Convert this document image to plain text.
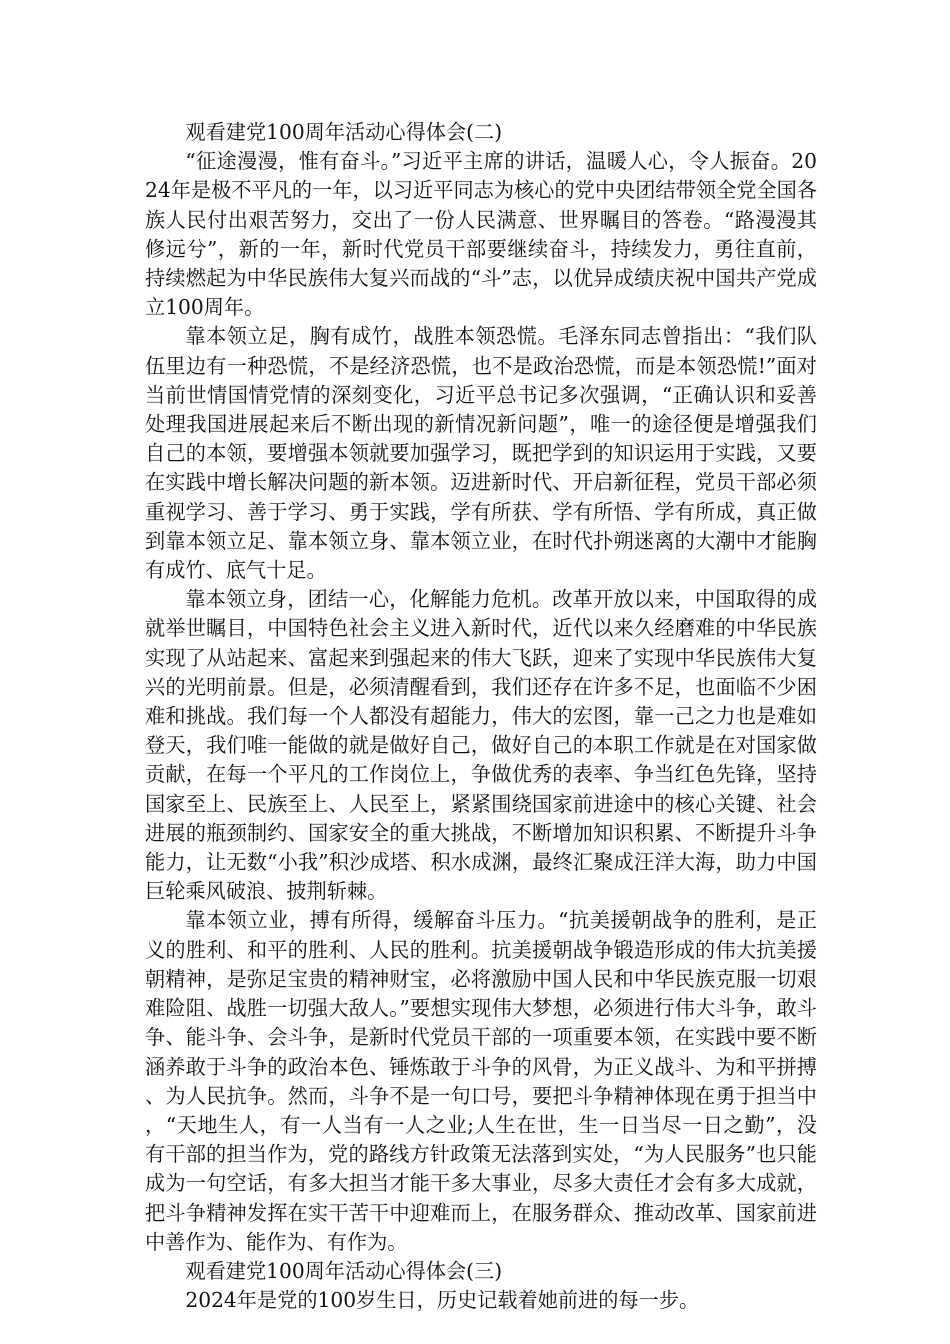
观看建党100周年活动心得体会(二)

“征途漫漫，惟有奋斗。”习近平主席的讲话，温暖人心，令人振奋。2024年是极不平凡的一年，以习近平同志为核心的党中央团结带领全党全国各族人民付出艰苦努力，交出了一份人民满意、世界瞩目的答卷。“路漫漫其修远兮”，新的一年，新时代党员干部要继续奋斗，持续发力，勇往直前，持续燃起为中华民族伟大复兴而战的“斗”志，以优异成绩庆祝中国共产党成立100周年。

靠本领立足，胸有成竹，战胜本领恐慌。毛泽东同志曾指出：“我们队伍里边有一种恐慌，不是经济恐慌，也不是政治恐慌，而是本领恐慌!”面对当前世情国情党情的深刻变化，习近平总书记多次强调，“正确认识和妥善处理我国进展起来后不断出现的新情况新问题”，唯一的途径便是增强我们自己的本领，要增强本领就要加强学习，既把学到的知识运用于实践，又要在实践中增长解决问题的新本领。迈进新时代、开启新征程，党员干部必须重视学习、善于学习、勇于实践，学有所获、学有所悟、学有所成，真正做到靠本领立足、靠本领立身、靠本领立业，在时代扑朔迷离的大潮中才能胸有成竹、底气十足。

靠本领立身，团结一心，化解能力危机。改革开放以来，中国取得的成就举世瞩目，中国特色社会主义进入新时代，近代以来久经磨难的中华民族实现了从站起来、富起来到强起来的伟大飞跃，迎来了实现中华民族伟大复兴的光明前景。但是，必须清醒看到，我们还存在许多不足，也面临不少困难和挑战。我们每一个人都没有超能力，伟大的宏图，靠一己之力也是难如登天，我们唯一能做的就是做好自己，做好自己的本职工作就是在对国家做贡献，在每一个平凡的工作岗位上，争做优秀的表率、争当红色先锋，坚持国家至上、民族至上、人民至上，紧紧围绕国家前进途中的核心关键、社会进展的瓶颈制约、国家安全的重大挑战，不断增加知识积累、不断提升斗争能力，让无数“小我”积沙成塔、积水成渊，最终汇聚成汪洋大海，助力中国巨轮乘风破浪、披荆斩棘。

靠本领立业，搏有所得，缓解奋斗压力。“抗美援朝战争的胜利，是正义的胜利、和平的胜利、人民的胜利。抗美援朝战争锻造形成的伟大抗美援朝精神，是弥足宝贵的精神财宝，必将激励中国人民和中华民族克服一切艰难险阻、战胜一切强大敌人。”要想实现伟大梦想，必须进行伟大斗争，敢斗争、能斗争、会斗争，是新时代党员干部的一项重要本领，在实践中要不断涵养敢于斗争的政治本色、锤炼敢于斗争的风骨，为正义战斗、为和平拼搏、为人民抗争。然而，斗争不是一句口号，要把斗争精神体现在勇于担当中，“天地生人，有一人当有一人之业;人生在世，生一日当尽一日之勤”，没有干部的担当作为，党的路线方针政策无法落到实处，“为人民服务”也只能成为一句空话，有多大担当才能干多大事业，尽多大责任才会有多大成就，把斗争精神发挥在实干苦干中迎难而上，在服务群众、推动改革、国家前进中善作为、能作为、有作为。

观看建党100周年活动心得体会(三)

2024年是党的100岁生日，历史记载着她前进的每一步。
